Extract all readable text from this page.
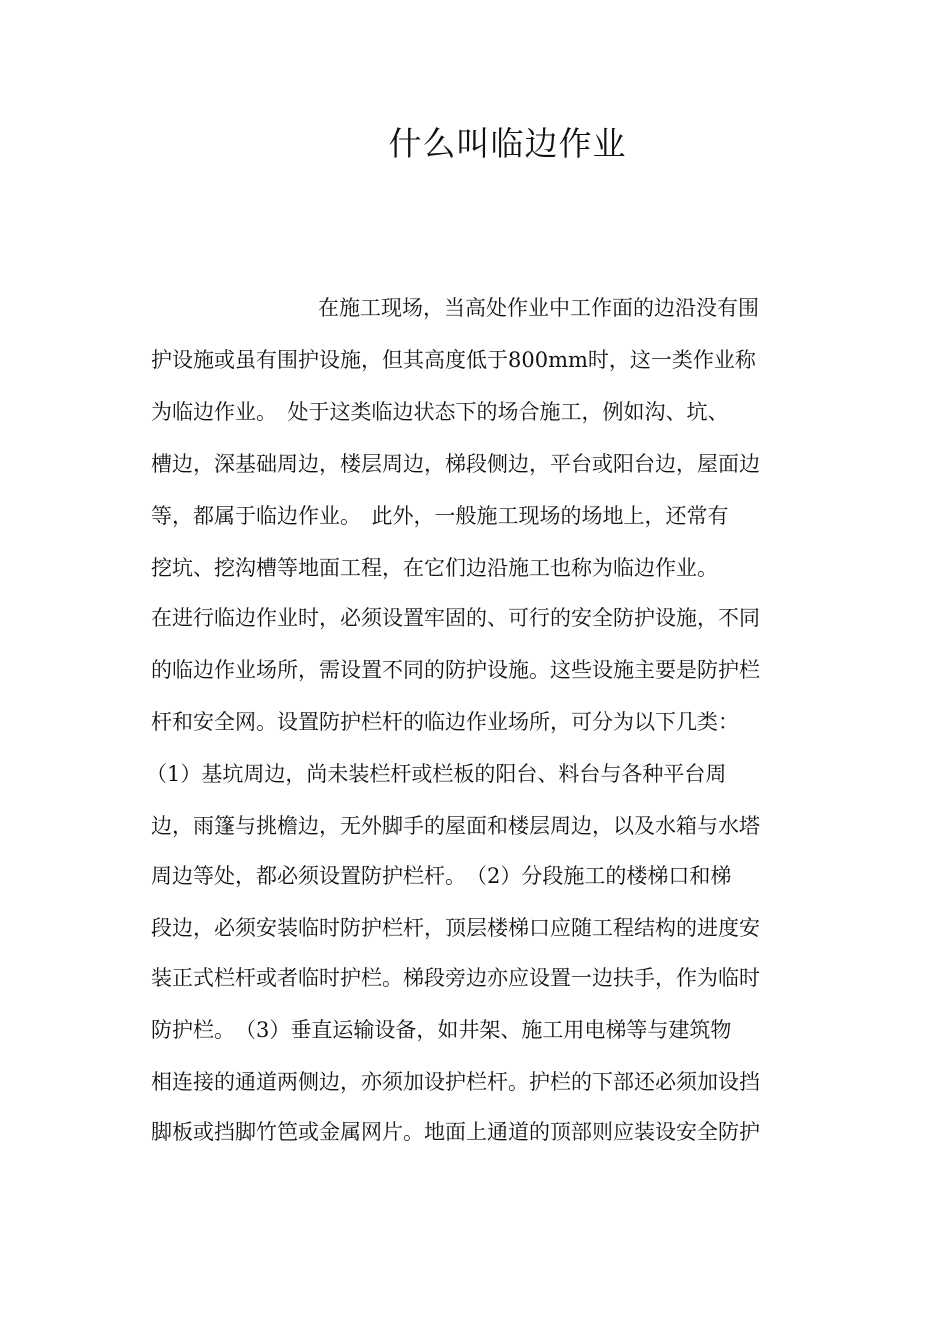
什么叫临边作业

在施工现场，当高处作业中工作面的边沿没有围

护设施或虽有围护设施，但其高度低于800mm时，这一类作业称

为临边作业。　处于这类临边状态下的场合施工，例如沟、坑、

槽边，深基础周边，楼层周边，梯段侧边，平台或阳台边，屋面边

等，都属于临边作业。　此外，一般施工现场的场地上，还常有

挖坑、挖沟槽等地面工程，在它们边沿施工也称为临边作业。

在进行临边作业时，必须设置牢固的、可行的安全防护设施，不同

的临边作业场所，需设置不同的防护设施。这些设施主要是防护栏

杆和安全网。设置防护栏杆的临边作业场所，可分为以下几类：

（1）基坑周边，尚未装栏杆或栏板的阳台、料台与各种平台周

边，雨篷与挑檐边，无外脚手的屋面和楼层周边，以及水箱与水塔

周边等处，都必须设置防护栏杆。　（2）分段施工的楼梯口和梯

段边，必须安装临时防护栏杆，顶层楼梯口应随工程结构的进度安

装正式栏杆或者临时护栏。梯段旁边亦应设置一边扶手，作为临时

防护栏。　（3）垂直运输设备，如井架、施工用电梯等与建筑物

相连接的通道两侧边，亦须加设护栏杆。护栏的下部还必须加设挡

脚板或挡脚竹笆或金属网片。地面上通道的顶部则应装设安全防护
